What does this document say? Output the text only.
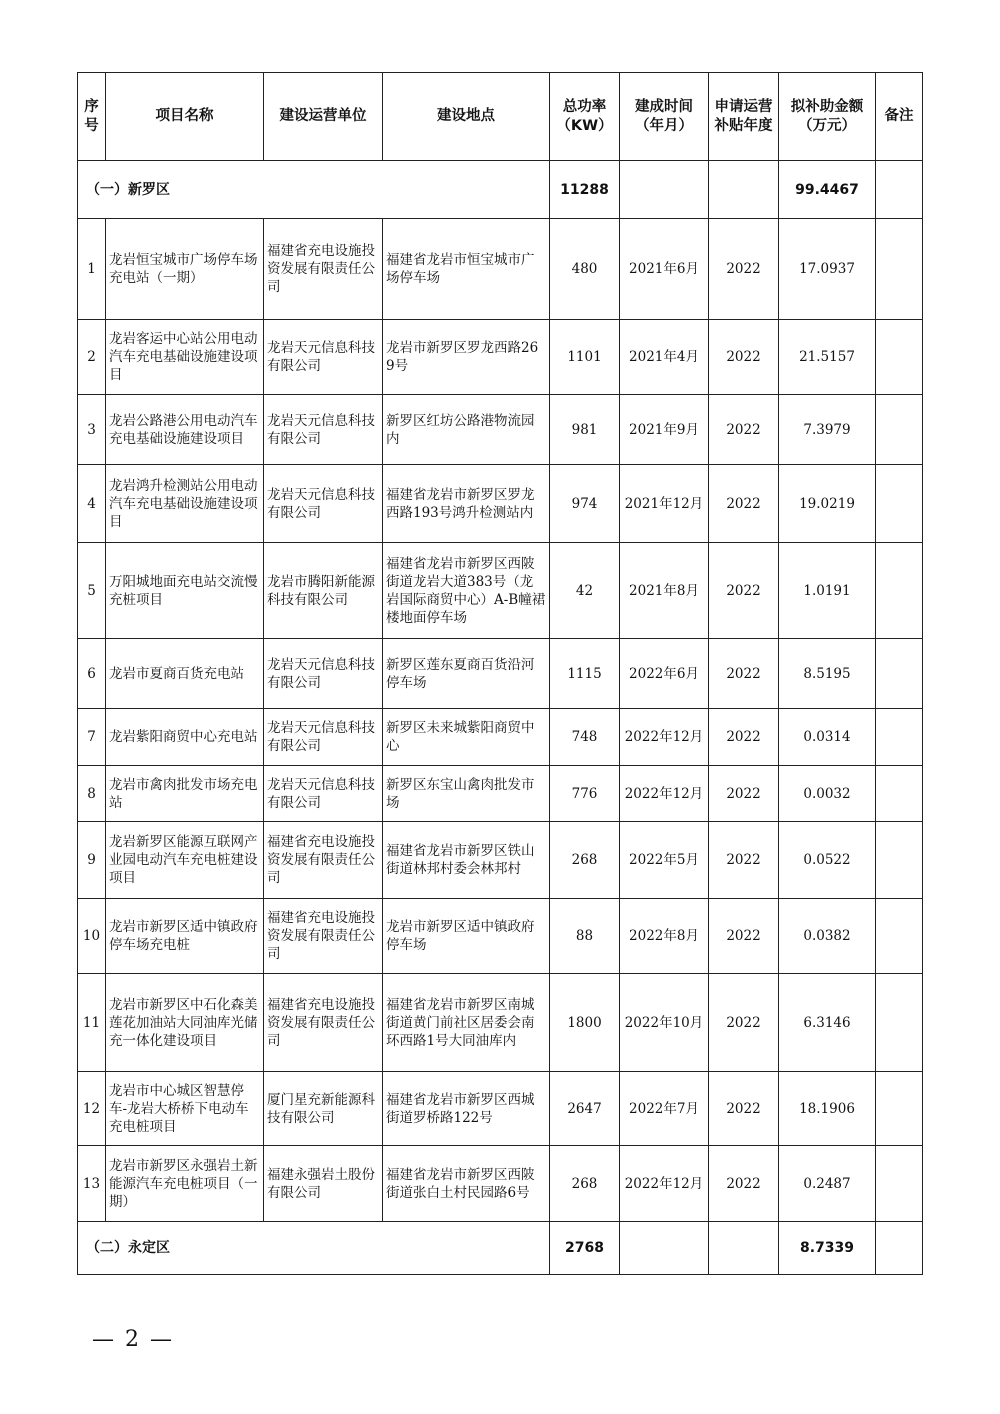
序号	项目名称	建设运营单位	建设地点	总功率（KW）	建成时间（年月）	申请运营补贴年度	拟补助金额（万元）	备注
（一）新罗区				11288			99.4467	
1	龙岩恒宝城市广场停车场充电站（一期）	福建省充电设施投资发展有限责任公司	福建省龙岩市恒宝城市广场停车场	480	2021年6月	2022	17.0937	
2	龙岩客运中心站公用电动汽车充电基础设施建设项目	龙岩天元信息科技有限公司	龙岩市新罗区罗龙西路269号	1101	2021年4月	2022	21.5157	
3	龙岩公路港公用电动汽车充电基础设施建设项目	龙岩天元信息科技有限公司	新罗区红坊公路港物流园内	981	2021年9月	2022	7.3979	
4	龙岩鸿升检测站公用电动汽车充电基础设施建设项目	龙岩天元信息科技有限公司	福建省龙岩市新罗区罗龙西路193号鸿升检测站内	974	2021年12月	2022	19.0219	
5	万阳城地面充电站交流慢充桩项目	龙岩市腾阳新能源科技有限公司	福建省龙岩市新罗区西陂街道龙岩大道383号（龙岩国际商贸中心）A-B幢裙楼地面停车场	42	2021年8月	2022	1.0191	
6	龙岩市夏商百货充电站	龙岩天元信息科技有限公司	新罗区莲东夏商百货沿河停车场	1115	2022年6月	2022	8.5195	
7	龙岩紫阳商贸中心充电站	龙岩天元信息科技有限公司	新罗区未来城紫阳商贸中心	748	2022年12月	2022	0.0314	
8	龙岩市禽肉批发市场充电站	龙岩天元信息科技有限公司	新罗区东宝山禽肉批发市场	776	2022年12月	2022	0.0032	
9	龙岩新罗区能源互联网产业园电动汽车充电桩建设项目	福建省充电设施投资发展有限责任公司	福建省龙岩市新罗区铁山街道林邦村委会林邦村	268	2022年5月	2022	0.0522	
10	龙岩市新罗区适中镇政府停车场充电桩	福建省充电设施投资发展有限责任公司	龙岩市新罗区适中镇政府停车场	88	2022年8月	2022	0.0382	
11	龙岩市新罗区中石化森美莲花加油站大同油库光储充一体化建设项目	福建省充电设施投资发展有限责任公司	福建省龙岩市新罗区南城街道黄门前社区居委会南环西路1号大同油库内	1800	2022年10月	2022	6.3146	
12	龙岩市中心城区智慧停车-龙岩大桥桥下电动车充电桩项目	厦门星充新能源科技有限公司	福建省龙岩市新罗区西城街道罗桥路122号	2647	2022年7月	2022	18.1906	
13	龙岩市新罗区永强岩土新能源汽车充电桩项目（一期）	福建永强岩土股份有限公司	福建省龙岩市新罗区西陂街道张白土村民园路6号	268	2022年12月	2022	0.2487	
（二）永定区				2768			8.7339	
— 2 —
